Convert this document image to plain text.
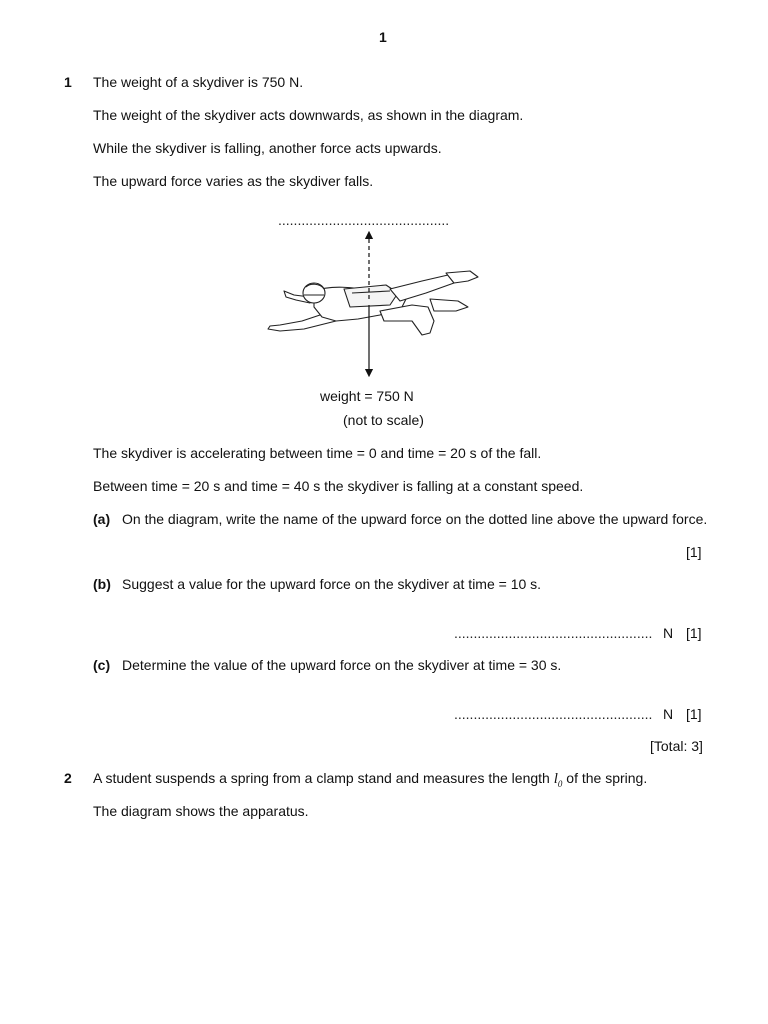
1
1 The weight of a skydiver is 750 N.
The weight of the skydiver acts downwards, as shown in the diagram.
While the skydiver is falling, another force acts upwards.
The upward force varies as the skydiver falls.
............................................
weight = 750 N
(not to scale)
The skydiver is accelerating between time = 0 and time = 20 s of the fall.
Between time = 20 s and time = 40 s the skydiver is falling at a constant speed.
(a) On the diagram, write the name of the upward force on the dotted line above the upward force.
[1]
(b) Suggest a value for the upward force on the skydiver at time = 10 s.
................................................... N [1]
(c) Determine the value of the upward force on the skydiver at time = 30 s.
................................................... N [1]
[Total: 3]
2 A student suspends a spring from a clamp stand and measures the length $l_0$ of the spring.
The diagram shows the apparatus.
